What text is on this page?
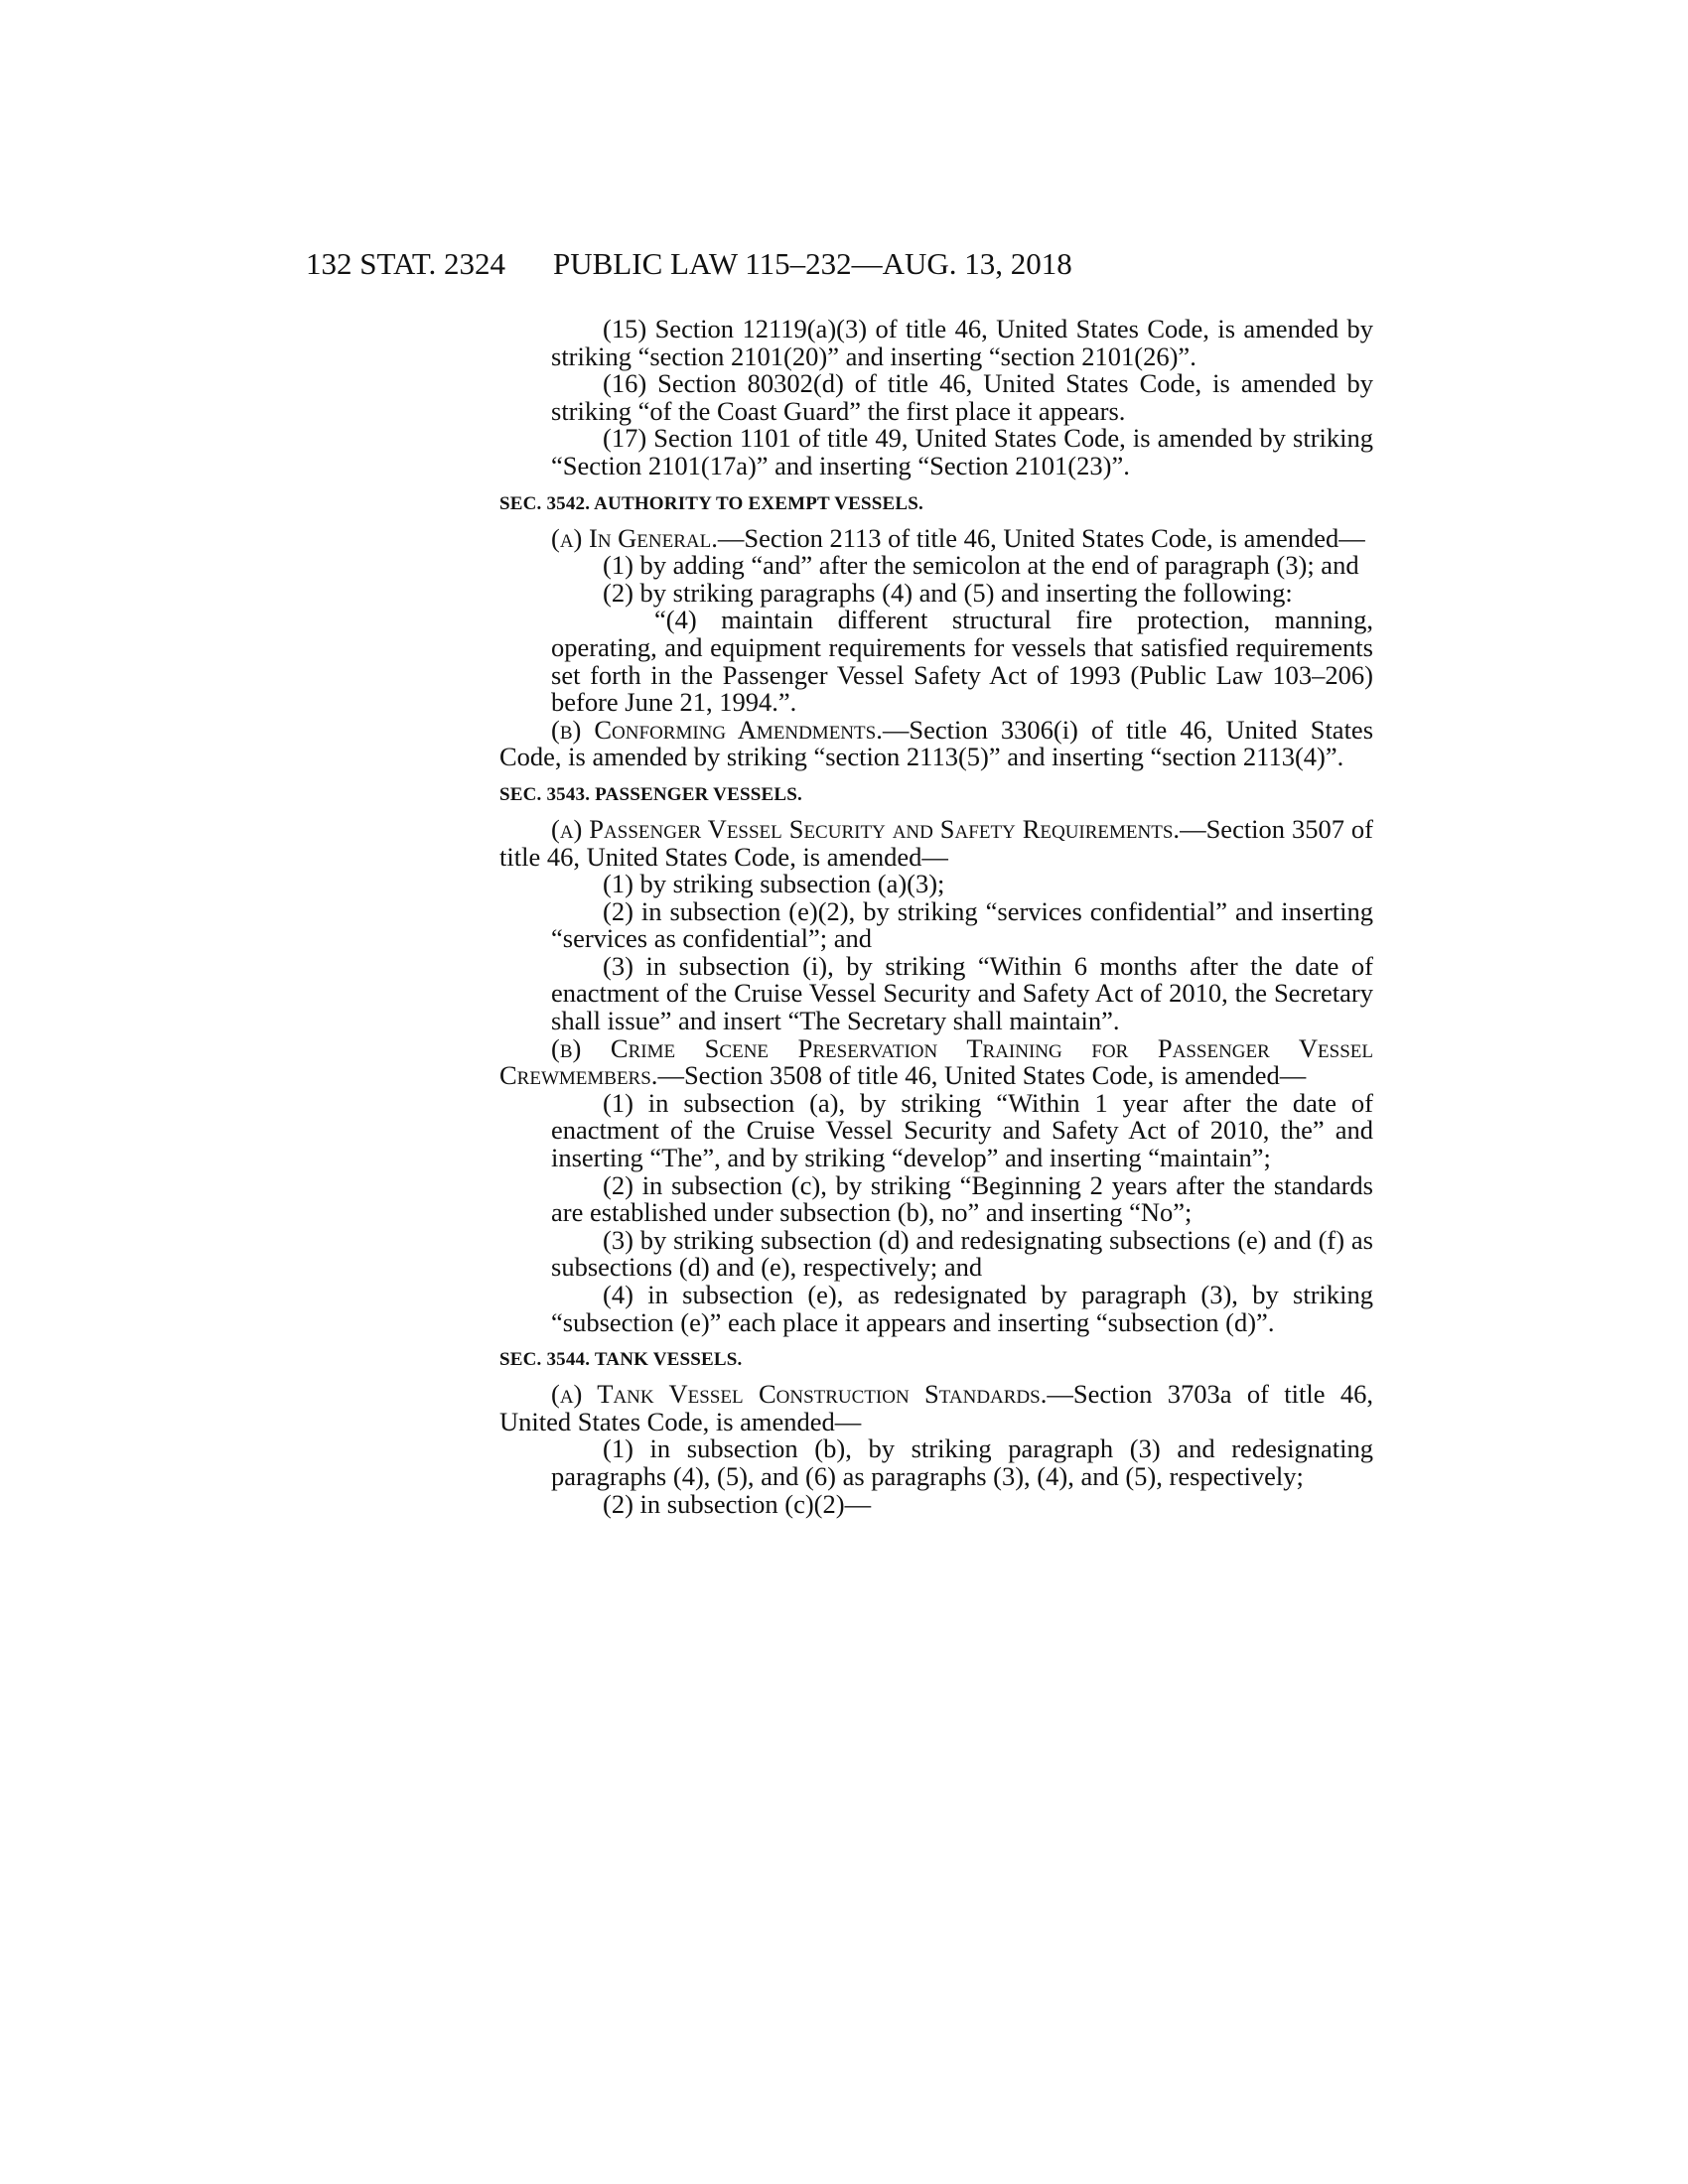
132 STAT. 2324 PUBLIC LAW 115–232—AUG. 13, 2018

(15) Section 12119(a)(3) of title 46, United States Code, is amended by striking “section 2101(20)” and inserting “section 2101(26)”.

(16) Section 80302(d) of title 46, United States Code, is amended by striking “of the Coast Guard” the first place it appears.

(17) Section 1101 of title 49, United States Code, is amended by striking “Section 2101(17a)” and inserting “Section 2101(23)”.

SEC. 3542. AUTHORITY TO EXEMPT VESSELS.

(a) In General.—Section 2113 of title 46, United States Code, is amended—

(1) by adding “and” after the semicolon at the end of paragraph (3); and

(2) by striking paragraphs (4) and (5) and inserting the following:

“(4) maintain different structural fire protection, manning, operating, and equipment requirements for vessels that satisfied requirements set forth in the Passenger Vessel Safety Act of 1993 (Public Law 103–206) before June 21, 1994.”.

(b) Conforming Amendments.—Section 3306(i) of title 46, United States Code, is amended by striking “section 2113(5)” and inserting “section 2113(4)”.

SEC. 3543. PASSENGER VESSELS.

(a) Passenger Vessel Security and Safety Requirements.—Section 3507 of title 46, United States Code, is amended—

(1) by striking subsection (a)(3);

(2) in subsection (e)(2), by striking “services confidential” and inserting “services as confidential”; and

(3) in subsection (i), by striking “Within 6 months after the date of enactment of the Cruise Vessel Security and Safety Act of 2010, the Secretary shall issue” and insert “The Secretary shall maintain”.

(b) Crime Scene Preservation Training for Passenger Vessel Crewmembers.—Section 3508 of title 46, United States Code, is amended—

(1) in subsection (a), by striking “Within 1 year after the date of enactment of the Cruise Vessel Security and Safety Act of 2010, the” and inserting “The”, and by striking “develop” and inserting “maintain”;

(2) in subsection (c), by striking “Beginning 2 years after the standards are established under subsection (b), no” and inserting “No”;

(3) by striking subsection (d) and redesignating subsections (e) and (f) as subsections (d) and (e), respectively; and

(4) in subsection (e), as redesignated by paragraph (3), by striking “subsection (e)” each place it appears and inserting “subsection (d)”.

SEC. 3544. TANK VESSELS.

(a) Tank Vessel Construction Standards.—Section 3703a of title 46, United States Code, is amended—

(1) in subsection (b), by striking paragraph (3) and redesignating paragraphs (4), (5), and (6) as paragraphs (3), (4), and (5), respectively;

(2) in subsection (c)(2)—
